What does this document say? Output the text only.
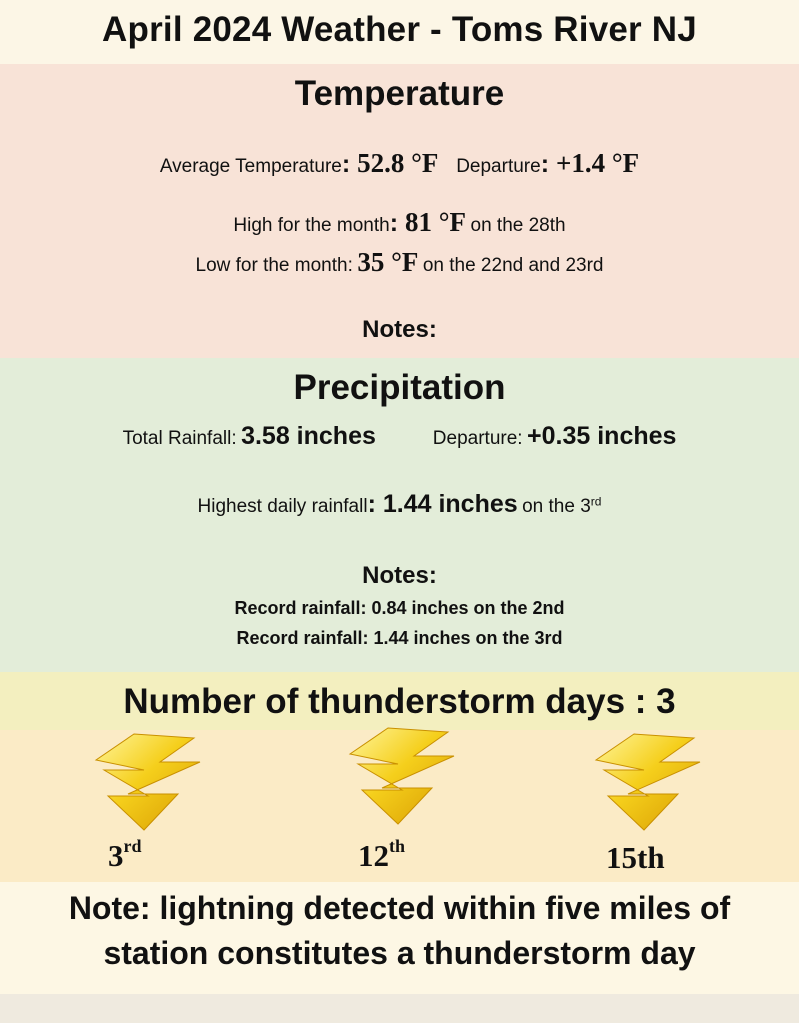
April 2024 Weather - Toms River NJ
Temperature
Average Temperature: 52.8 °F Departure: +1.4 °F
High for the month: 81 °F on the 28th
Low for the month: 35 °F on the 22nd and 23rd
Notes:
Precipitation
Total Rainfall: 3.58 inches	Departure: +0.35 inches
Highest daily rainfall: 1.44 inches on the 3rd
Notes:
Record rainfall: 0.84 inches on the 2nd
Record rainfall: 1.44 inches on the 3rd
Number of thunderstorm days : 3
3rd	12th	15th
Note: lightning detected within five miles of
station constitutes a thunderstorm day
